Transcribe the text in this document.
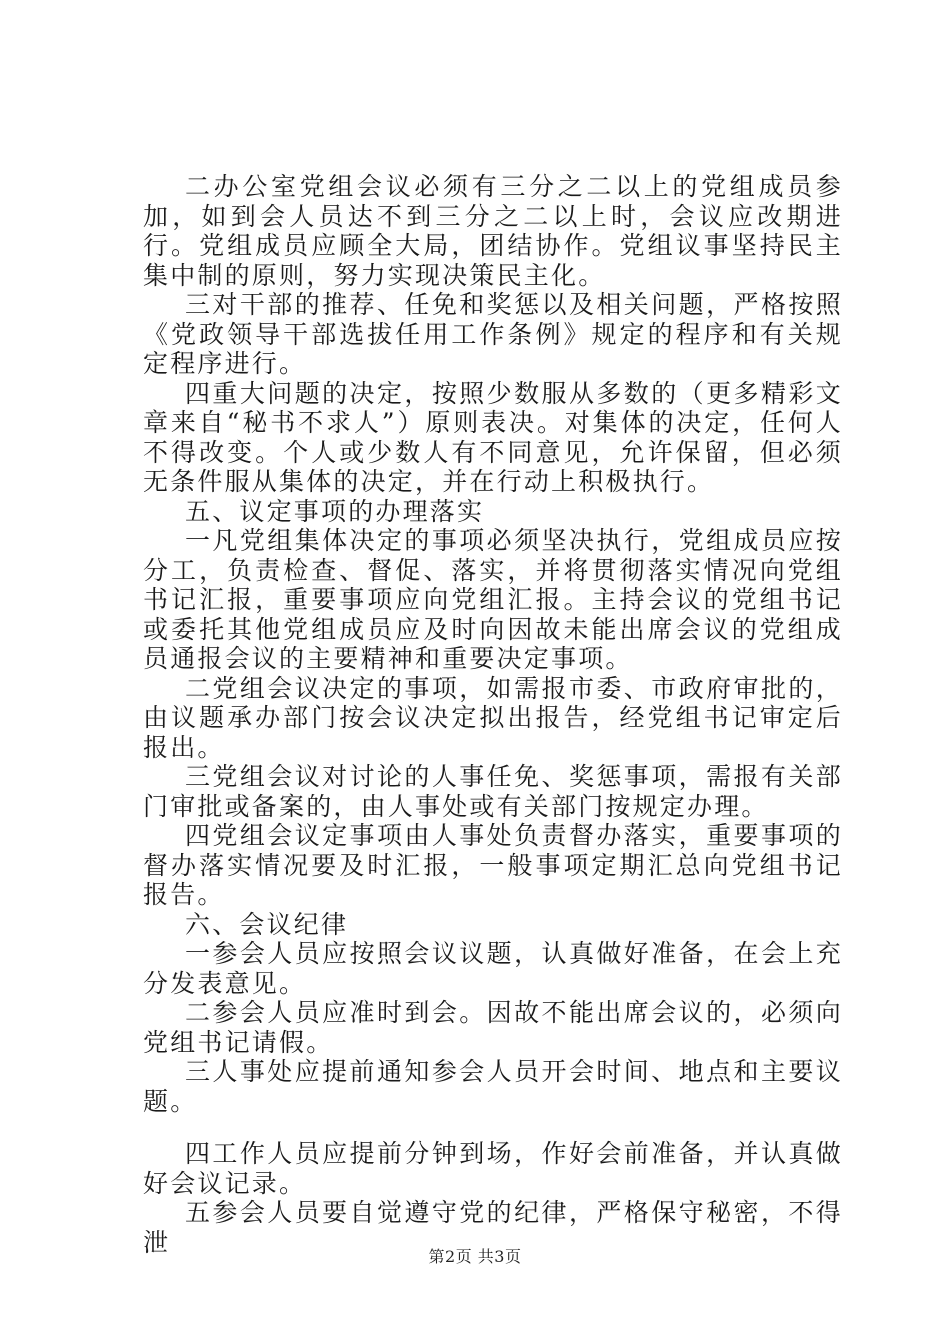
二办公室党组会议必须有三分之二以上的党组成员参加，如到会人员达不到三分之二以上时，会议应改期进行。党组成员应顾全大局，团结协作。党组议事坚持民主集中制的原则，努力实现决策民主化。

三对干部的推荐、任免和奖惩以及相关问题，严格按照《党政领导干部选拔任用工作条例》规定的程序和有关规定程序进行。

四重大问题的决定，按照少数服从多数的（更多精彩文章来自“秘书不求人”）原则表决。对集体的决定，任何人不得改变。个人或少数人有不同意见，允许保留，但必须无条件服从集体的决定，并在行动上积极执行。

五、议定事项的办理落实

一凡党组集体决定的事项必须坚决执行，党组成员应按分工，负责检查、督促、落实，并将贯彻落实情况向党组书记汇报，重要事项应向党组汇报。主持会议的党组书记或委托其他党组成员应及时向因故未能出席会议的党组成员通报会议的主要精神和重要决定事项。

二党组会议决定的事项，如需报市委、市政府审批的，由议题承办部门按会议决定拟出报告，经党组书记审定后报出。

三党组会议对讨论的人事任免、奖惩事项，需报有关部门审批或备案的，由人事处或有关部门按规定办理。

四党组会议定事项由人事处负责督办落实，重要事项的督办落实情况要及时汇报，一般事项定期汇总向党组书记报告。

六、会议纪律

一参会人员应按照会议议题，认真做好准备，在会上充分发表意见。

二参会人员应准时到会。因故不能出席会议的，必须向党组书记请假。

三人事处应提前通知参会人员开会时间、地点和主要议题。

四工作人员应提前分钟到场，作好会前准备，并认真做好会议记录。

五参会人员要自觉遵守党的纪律，严格保守秘密，不得泄	第2页 共3页
